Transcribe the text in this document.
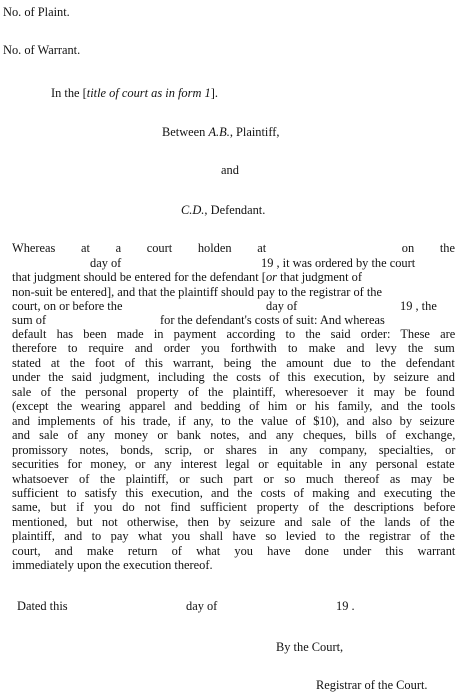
No. of Plaint.
No. of Warrant.
In the [title of court as in form 1].
Between A.B., Plaintiff,
and
C.D., Defendant.
Whereas at a court holden at	on the
day of	19 , it was ordered by the court
that judgment should be entered for the defendant [or that judgment of
non-suit be entered], and that the plaintiff should pay to the registrar of the
court, on or before the	day of	19 , the
sum of	for the defendant's costs of suit: And whereas
default has been made in payment according to the said order: These are
therefore to require and order you forthwith to make and levy the sum
stated at the foot of this warrant, being the amount due to the defendant
under the said judgment, including the costs of this execution, by seizure and
sale of the personal property of the plaintiff, wheresoever it may be found
(except the wearing apparel and bedding of him or his family, and the tools
and implements of his trade, if any, to the value of $10), and also by seizure
and sale of any money or bank notes, and any cheques, bills of exchange,
promissory notes, bonds, scrip, or shares in any company, specialties, or
securities for money, or any interest legal or equitable in any personal estate
whatsoever of the plaintiff, or such part or so much thereof as may be
sufficient to satisfy this execution, and the costs of making and executing the
same, but if you do not find sufficient property of the descriptions before
mentioned, but not otherwise, then by seizure and sale of the lands of the
plaintiff, and to pay what you shall have so levied to the registrar of the
court, and make return of what you have done under this warrant
immediately upon the execution thereof.
Dated this	day of	19 .
By the Court,
Registrar of the Court.
